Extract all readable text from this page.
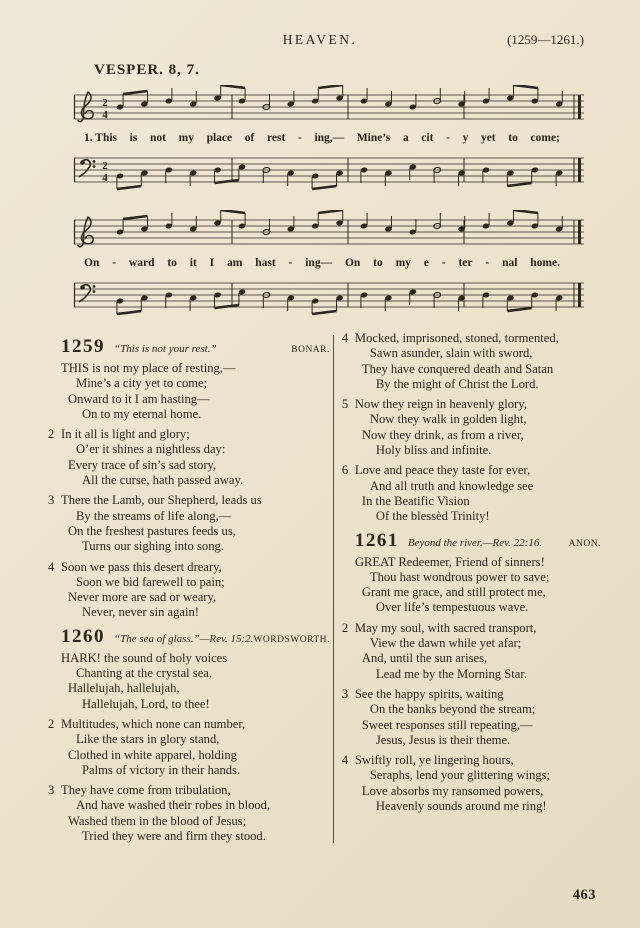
HEAVEN.	(1259—1261.)
VESPER. 8, 7.
2
4
1. This is not my place of rest - ing,— Mine’s a cit - y yet to come;
2
4
On - ward to it I am hast - ing— On to my e - ter - nal home.
1259 “This is not your rest.”	BONAR.
THIS is not my place of resting,—
Mine’s a city yet to come;
Onward to it I am hasting—
On to my eternal home.
2 In it all is light and glory;
O’er it shines a nightless day:
Every trace of sin’s sad story,
All the curse, hath passed away.
3 There the Lamb, our Shepherd, leads us
By the streams of life along,—
On the freshest pastures feeds us,
Turns our sighing into song.
4 Soon we pass this desert dreary,
Soon we bid farewell to pain;
Never more are sad or weary,
Never, never sin again!
1260 “The sea of glass.”—Rev. 15:2. WORDSWORTH.
HARK! the sound of holy voices
Chanting at the crystal sea,
Hallelujah, hallelujah,
Hallelujah, Lord, to thee!
2 Multitudes, which none can number,
Like the stars in glory stand,
Clothed in white apparel, holding
Palms of victory in their hands.
3 They have come from tribulation,
And have washed their robes in blood,
Washed them in the blood of Jesus;
Tried they were and firm they stood.
4 Mocked, imprisoned, stoned, tormented,
Sawn asunder, slain with sword,
They have conquered death and Satan
By the might of Christ the Lord.
5 Now they reign in heavenly glory,
Now they walk in golden light,
Now they drink, as from a river,
Holy bliss and infinite.
6 Love and peace they taste for ever,
And all truth and knowledge see
In the Beatific Vision
Of the blessèd Trinity!
1261 Beyond the river.—Rev. 22:16.	ANON.
GREAT Redeemer, Friend of sinners!
Thou hast wondrous power to save;
Grant me grace, and still protect me,
Over life’s tempestuous wave.
2 May my soul, with sacred transport,
View the dawn while yet afar;
And, until the sun arises,
Lead me by the Morning Star.
3 See the happy spirits, waiting
On the banks beyond the stream;
Sweet responses still repeating,—
Jesus, Jesus is their theme.
4 Swiftly roll, ye lingering hours,
Seraphs, lend your glittering wings;
Love absorbs my ransomed powers,
Heavenly sounds around me ring!
463
